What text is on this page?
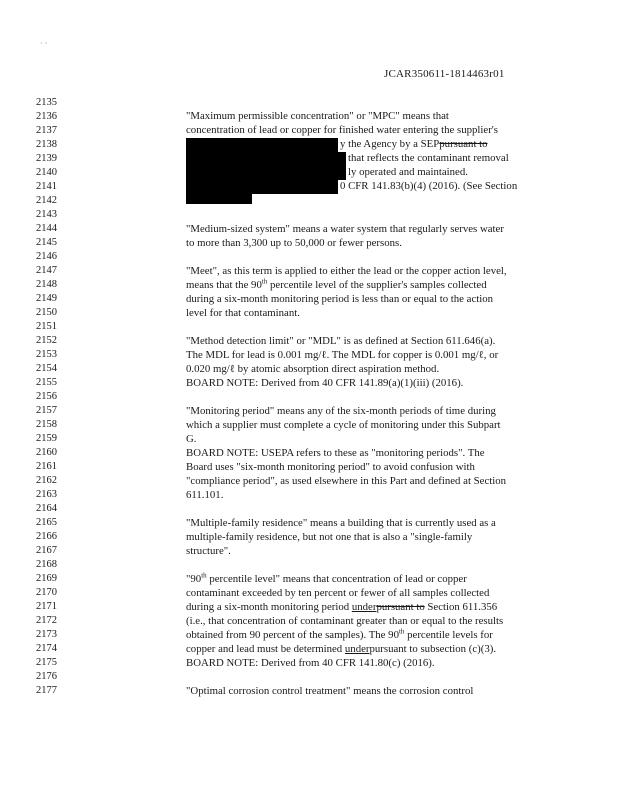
· ·
JCAR350611-1814463r01
2135
2136
2137
2138
2139
2140
2141
2142
2143
2144
2145
2146
2147
2148
2149
2150
2151
2152
2153
2154
2155
2156
2157
2158
2159
2160
2161
2162
2163
2164
2165
2166
2167
2168
2169
2170
2171
2172
2173
2174
2175
2176
2177
"Maximum permissible concentration" or "MPC" means that
concentration of lead or copper for finished water entering the supplier's
y the Agency by a SEPpursuant to
that reflects the contaminant removal
ly operated and maintained.
0 CFR 141.83(b)(4) (2016). (See Section
"Medium-sized system" means a water system that regularly serves water
to more than 3,300 up to 50,000 or fewer persons.
"Meet", as this term is applied to either the lead or the copper action level,
means that the 90th percentile level of the supplier's samples collected
during a six-month monitoring period is less than or equal to the action
level for that contaminant.
"Method detection limit" or "MDL" is as defined at Section 611.646(a).
The MDL for lead is 0.001 mg/ℓ. The MDL for copper is 0.001 mg/ℓ, or
0.020 mg/ℓ by atomic absorption direct aspiration method.
BOARD NOTE: Derived from 40 CFR 141.89(a)(1)(iii) (2016).
"Monitoring period" means any of the six-month periods of time during
which a supplier must complete a cycle of monitoring under this Subpart
G.
BOARD NOTE: USEPA refers to these as "monitoring periods". The
Board uses "six-month monitoring period" to avoid confusion with
"compliance period", as used elsewhere in this Part and defined at Section
611.101.
"Multiple-family residence" means a building that is currently used as a
multiple-family residence, but not one that is also a "single-family
structure".
"90th percentile level" means that concentration of lead or copper
contaminant exceeded by ten percent or fewer of all samples collected
during a six-month monitoring period underpursuant to Section 611.356
(i.e., that concentration of contaminant greater than or equal to the results
obtained from 90 percent of the samples). The 90th percentile levels for
copper and lead must be determined underpursuant to subsection (c)(3).
BOARD NOTE: Derived from 40 CFR 141.80(c) (2016).
"Optimal corrosion control treatment" means the corrosion control
